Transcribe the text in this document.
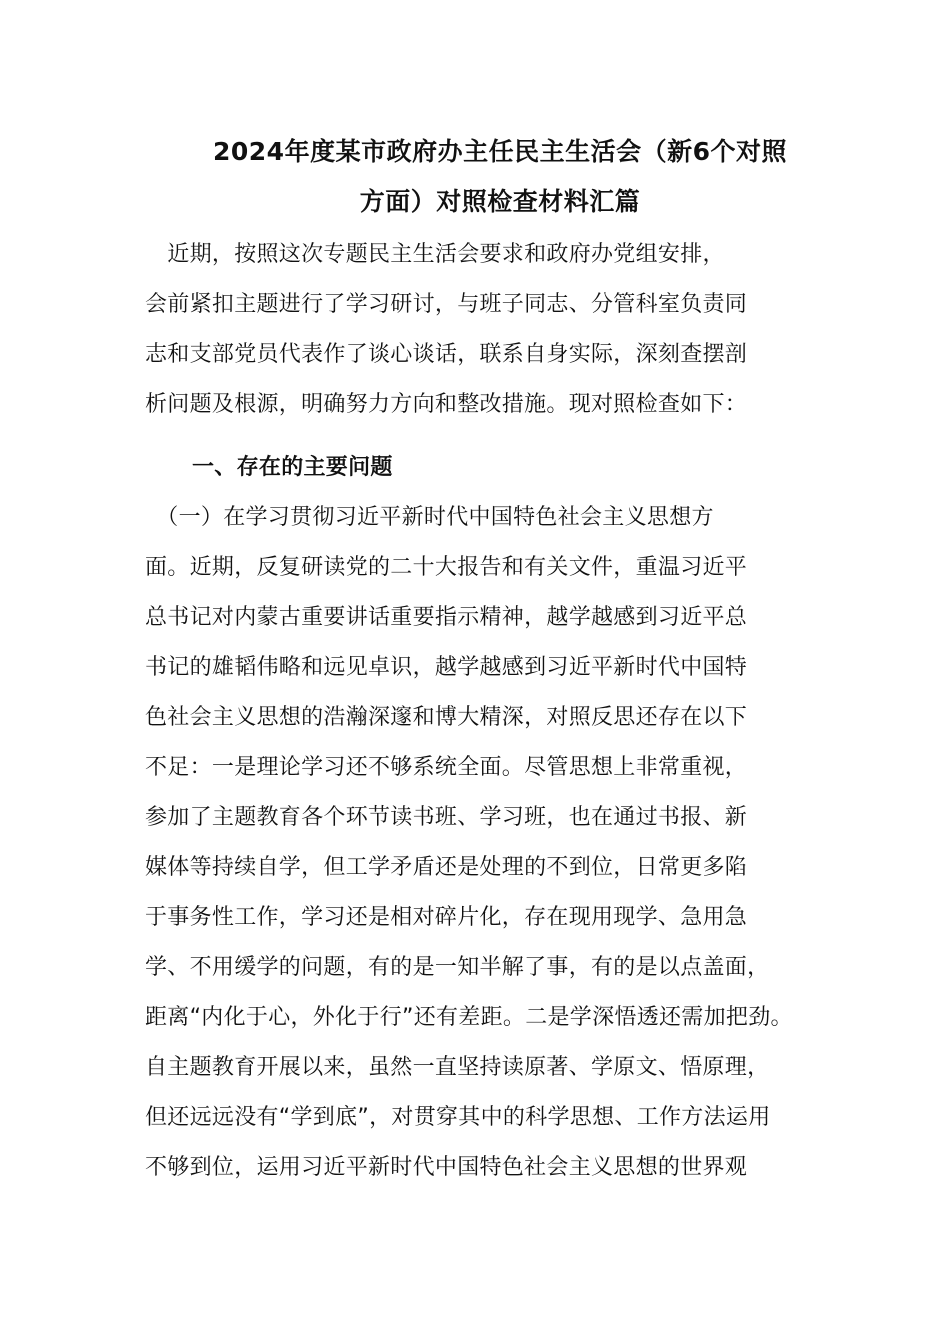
2024年度某市政府办主任民主生活会（新6个对照
方面）对照检查材料汇篇
　近期，按照这次专题民主生活会要求和政府办党组安排，
会前紧扣主题进行了学习研讨，与班子同志、分管科室负责同
志和支部党员代表作了谈心谈话，联系自身实际，深刻查摆剖
析问题及根源，明确努力方向和整改措施。现对照检查如下：
一、存在的主要问题
　（一）在学习贯彻习近平新时代中国特色社会主义思想方
面。近期，反复研读党的二十大报告和有关文件，重温习近平
总书记对内蒙古重要讲话重要指示精神，越学越感到习近平总
书记的雄韬伟略和远见卓识，越学越感到习近平新时代中国特
色社会主义思想的浩瀚深邃和博大精深，对照反思还存在以下
不足：一是理论学习还不够系统全面。尽管思想上非常重视，
参加了主题教育各个环节读书班、学习班，也在通过书报、新
媒体等持续自学，但工学矛盾还是处理的不到位，日常更多陷
于事务性工作，学习还是相对碎片化，存在现用现学、急用急
学、不用缓学的问题，有的是一知半解了事，有的是以点盖面，
距离“内化于心，外化于行”还有差距。二是学深悟透还需加把劲。
自主题教育开展以来，虽然一直坚持读原著、学原文、悟原理，
但还远远没有“学到底”，对贯穿其中的科学思想、工作方法运用
不够到位，运用习近平新时代中国特色社会主义思想的世界观
